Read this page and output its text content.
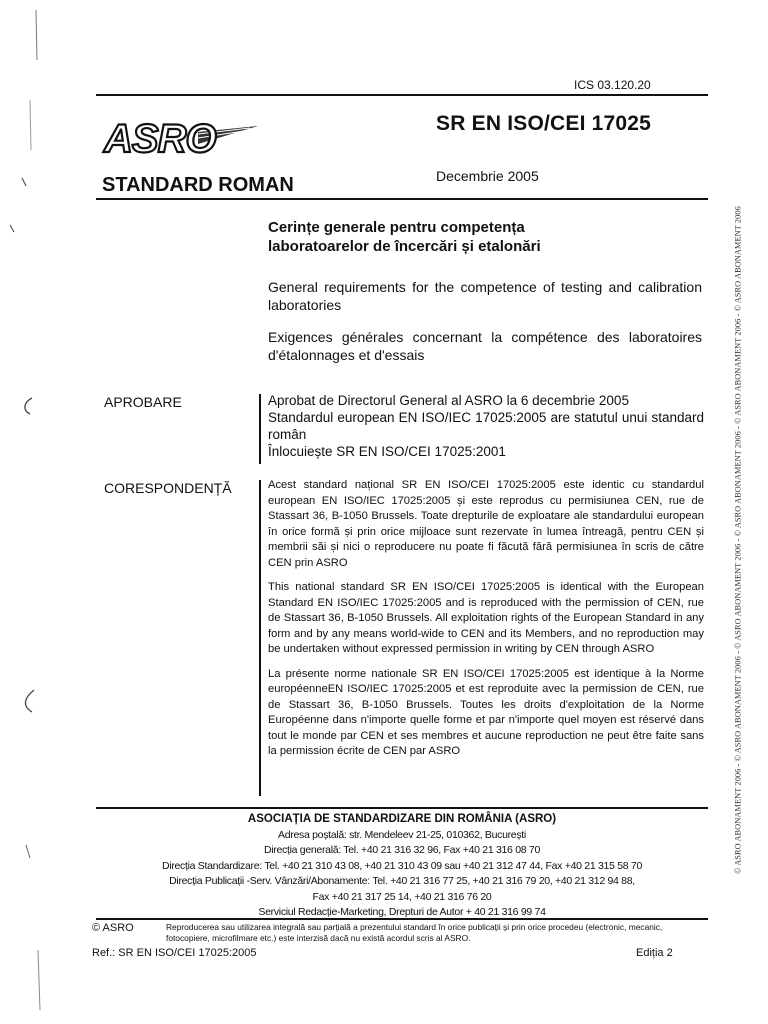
ICS 03.120.20
ASRO	SR EN ISO/CEI 17025
STANDARD ROMAN	Decembrie 2005
Cerințe generale pentru competența
laboratoarelor de încercări și etalonări
General requirements for the competence of testing and calibration laboratories
Exigences générales concernant la compétence des laboratoires d'étalonnages et d'essais
APROBARE	Aprobat de Directorul General al ASRO la 6 decembrie 2005
Standardul european EN ISO/IEC 17025:2005 are statutul unui standard român
Înlocuiește SR EN ISO/CEI 17025:2001
CORESPONDENȚĂ	Acest standard național SR EN ISO/CEI 17025:2005 este identic cu standardul european EN ISO/IEC 17025:2005 și este reprodus cu permisiunea CEN, rue de Stassart 36, B-1050 Brussels. Toate drepturile de exploatare ale standardului european în orice formă și prin orice mijloace sunt rezervate în lumea întreagă, pentru CEN și membrii săi și nici o reproducere nu poate fi făcută fără permisiunea în scris de către CEN prin ASRO

This national standard SR EN ISO/CEI 17025:2005 is identical with the European Standard EN ISO/IEC 17025:2005 and is reproduced with the permission of CEN, rue de Stassart 36, B-1050 Brussels. All exploitation rights of the European Standard in any form and by any means world-wide to CEN and its Members, and no reproduction may be undertaken without expressed permission in writing by CEN through ASRO

La présente norme nationale SR EN ISO/CEI 17025:2005 est identique à la Norme européenneEN ISO/IEC 17025:2005 et est reproduite avec la permission de CEN, rue de Stassart 36, B-1050 Brussels. Toutes les droits d'exploitation de la Norme Européenne dans n'importe quelle forme et par n'importe quel moyen est réservé dans tout le monde par CEN et ses membres et aucune reproduction ne peut être faite sans la permission écrite de CEN par ASRO

ASOCIAȚIA DE STANDARDIZARE DIN ROMÂNIA (ASRO)
Adresa poștală: str. Mendeleev 21-25, 010362, București
Direcția generală: Tel. +40 21 316 32 96, Fax +40 21 316 08 70
Direcția Standardizare: Tel. +40 21 310 43 08, +40 21 310 43 09 sau +40 21 312 47 44, Fax +40 21 315 58 70
Direcția Publicații -Serv. Vânzări/Abonamente: Tel. +40 21 316 77 25, +40 21 316 79 20, +40 21 312 94 88,
Fax +40 21 317 25 14, +40 21 316 76 20
Serviciul Redacție-Marketing, Drepturi de Autor + 40 21 316 99 74
© ASRO	Reproducerea sau utilizarea integrală sau parțială a prezentului standard în orice publicații și prin orice procedeu (electronic, mecanic, fotocopiere, microfilmare etc.) este interzisă dacă nu există acordul scris al ASRO.
Ref.: SR EN ISO/CEI 17025:2005	Ediția 2
© ASRO ABONAMENT 2006 - © ASRO ABONAMENT 2006 - © ASRO ABONAMENT 2006 - © ASRO ABONAMENT 2006 - © ASRO ABONAMENT 2006 - © ASRO ABONAMENT 2006
